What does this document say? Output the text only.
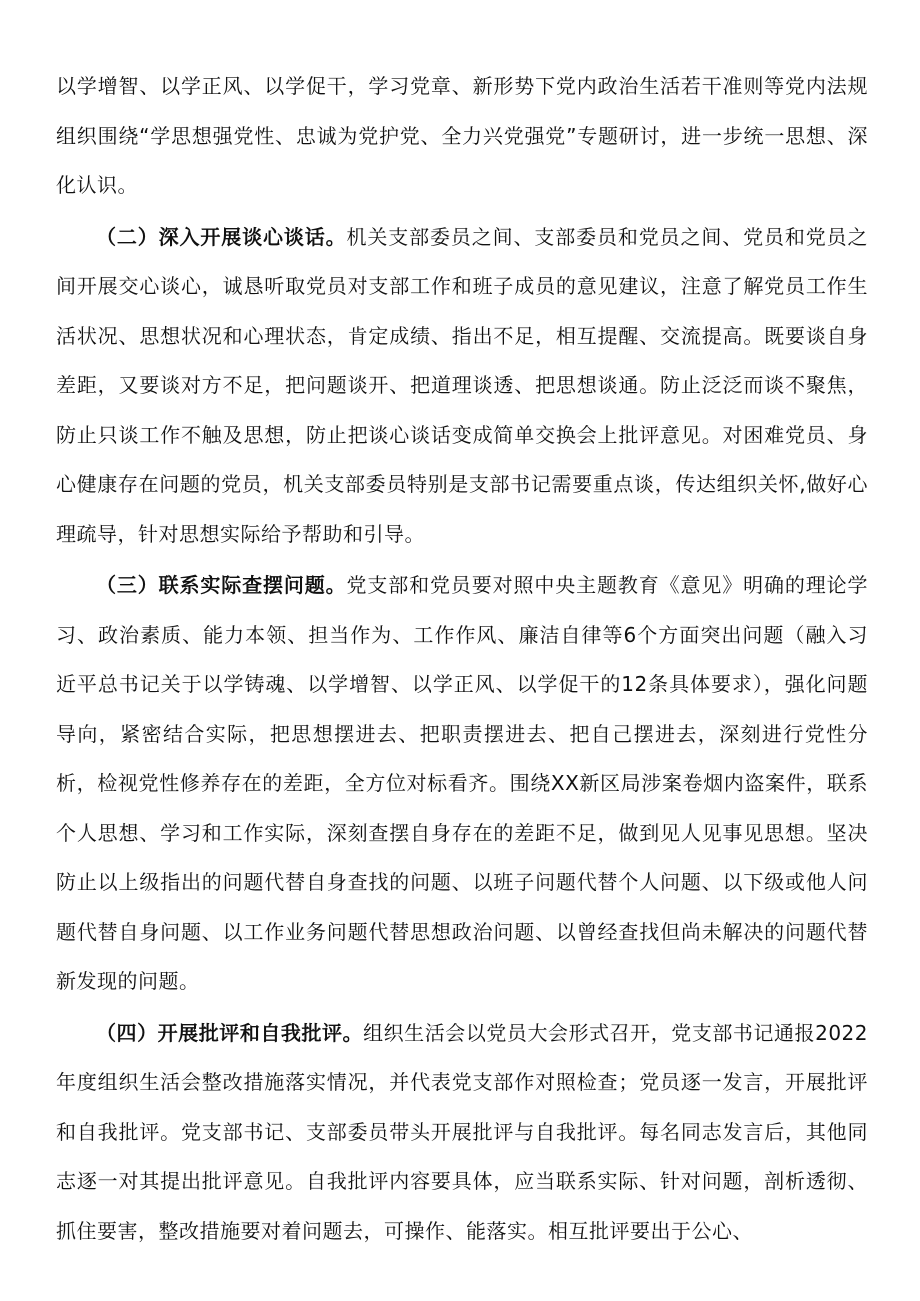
以学增智、以学正风、以学促干，学习党章、新形势下党内政治生活若干准则等党内法规组织围绕“学思想强党性、忠诚为党护党、全力兴党强党”专题研讨，进一步统一思想、深化认识。

（二）深入开展谈心谈话。机关支部委员之间、支部委员和党员之间、党员和党员之间开展交心谈心，诚恳听取党员对支部工作和班子成员的意见建议，注意了解党员工作生活状况、思想状况和心理状态，肯定成绩、指出不足，相互提醒、交流提高。既要谈自身差距，又要谈对方不足，把问题谈开、把道理谈透、把思想谈通。防止泛泛而谈不聚焦，防止只谈工作不触及思想，防止把谈心谈话变成简单交换会上批评意见。对困难党员、身心健康存在问题的党员，机关支部委员特别是支部书记需要重点谈，传达组织关怀,做好心理疏导，针对思想实际给予帮助和引导。

（三）联系实际查摆问题。党支部和党员要对照中央主题教育《意见》明确的理论学习、政治素质、能力本领、担当作为、工作作风、廉洁自律等6个方面突出问题（融入习近平总书记关于以学铸魂、以学增智、以学正风、以学促干的12条具体要求），强化问题导向，紧密结合实际，把思想摆进去、把职责摆进去、把自己摆进去，深刻进行党性分析，检视党性修养存在的差距，全方位对标看齐。围绕XX新区局涉案卷烟内盗案件，联系个人思想、学习和工作实际，深刻查摆自身存在的差距不足，做到见人见事见思想。坚决防止以上级指出的问题代替自身查找的问题、以班子问题代替个人问题、以下级或他人问题代替自身问题、以工作业务问题代替思想政治问题、以曾经查找但尚未解决的问题代替新发现的问题。

（四）开展批评和自我批评。组织生活会以党员大会形式召开，党支部书记通报2022年度组织生活会整改措施落实情况，并代表党支部作对照检查；党员逐一发言，开展批评和自我批评。党支部书记、支部委员带头开展批评与自我批评。每名同志发言后，其他同志逐一对其提出批评意见。自我批评内容要具体，应当联系实际、针对问题，剖析透彻、抓住要害，整改措施要对着问题去，可操作、能落实。相互批评要出于公心、
